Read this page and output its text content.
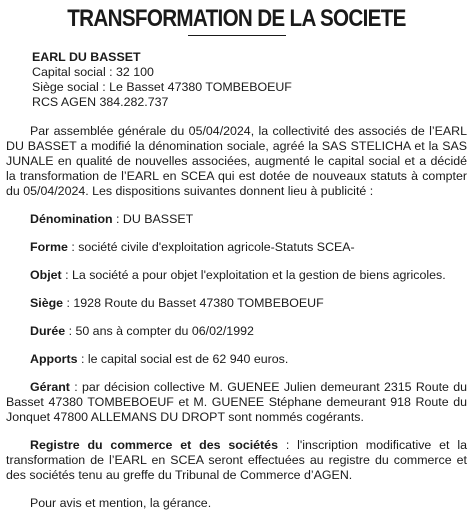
TRANSFORMATION DE LA SOCIETE

EARL DU BASSET

Capital social : 32 100

Siège social : Le Basset 47380 TOMBEBOEUF

RCS AGEN 384.282.737

Par assemblée générale du 05/04/2024, la collectivité des associés de l’EARL DU BASSET a modifié la dénomination sociale, agréé la SAS STELICHA et la SAS JUNALE en qualité de nouvelles associées, augmenté le capital social et a décidé la transformation de l’EARL en SCEA qui est dotée de nouveaux statuts à compter du 05/04/2024. Les dispositions suivantes donnent lieu à publicité :

Dénomination : DU BASSET

Forme : société civile d'exploitation agricole-Statuts SCEA-

Objet : La société a pour objet l'exploitation et la gestion de biens agricoles.

Siège : 1928 Route du Basset 47380 TOMBEBOEUF

Durée : 50 ans à compter du 06/02/1992

Apports : le capital social est de 62 940 euros.

Gérant : par décision collective M. GUENEE Julien demeurant 2315 Route du Basset 47380 TOMBEBOEUF et M. GUENEE Stéphane demeurant 918 Route du Jonquet 47800 ALLEMANS DU DROPT sont nommés cogérants.

Registre du commerce et des sociétés : l'inscription modificative et la transformation de l’EARL en SCEA seront effectuées au registre du commerce et des sociétés tenu au greffe du Tribunal de Commerce d’AGEN.

Pour avis et mention, la gérance.
